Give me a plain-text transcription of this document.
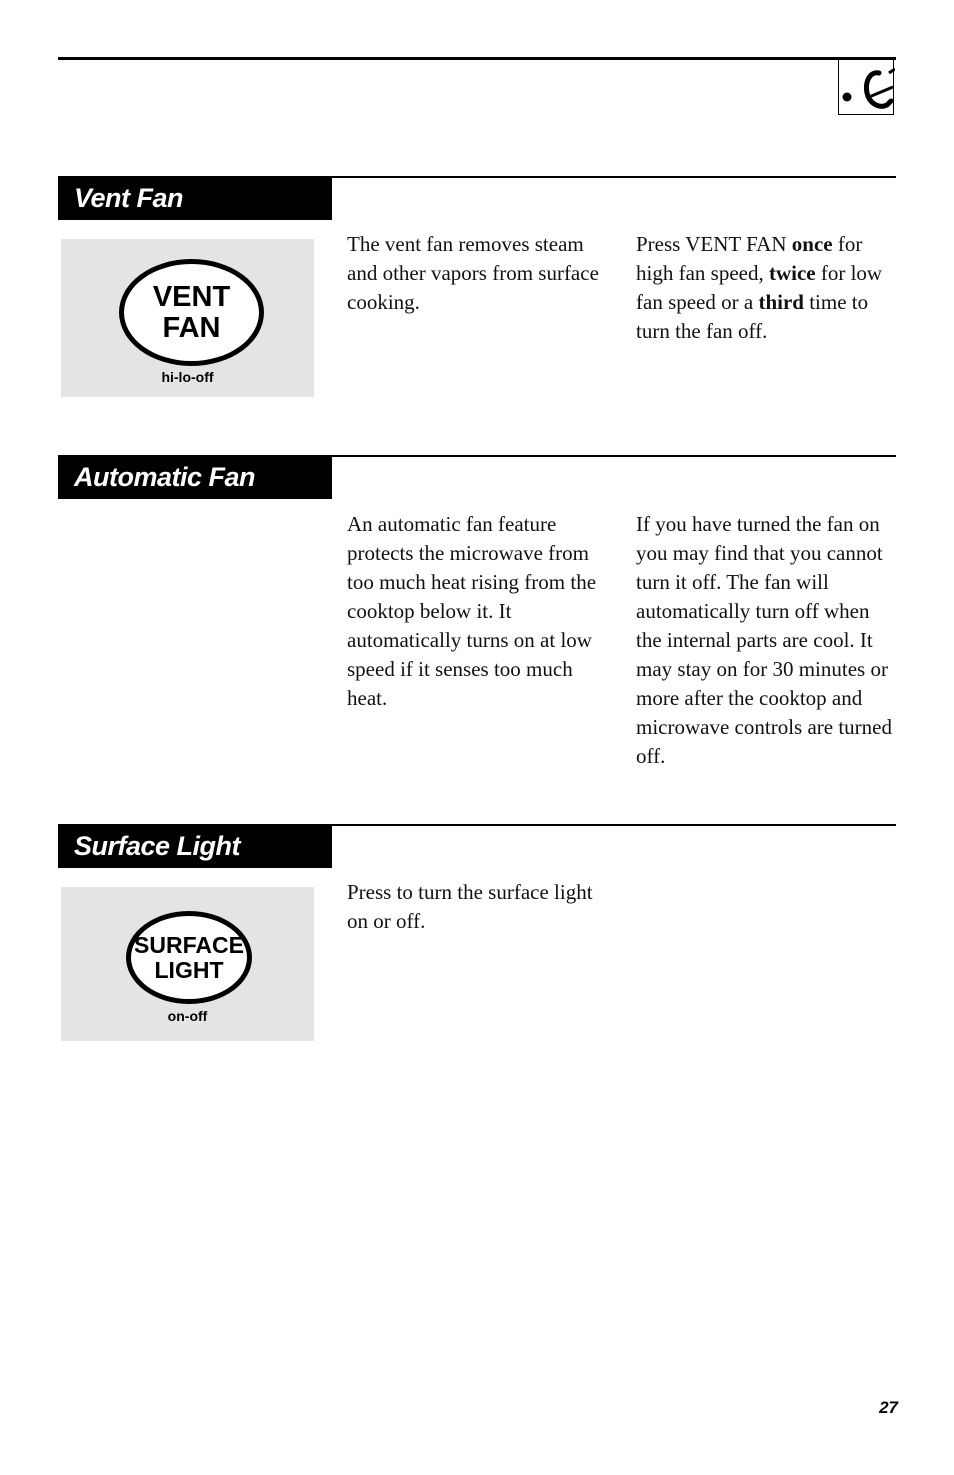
Vent Fan
VENT
FAN
hi-lo-off
The vent fan removes steam and other vapors from surface cooking.
Press VENT FAN once for high fan speed, twice for low fan speed or a third time to turn the fan off.
Automatic Fan
An automatic fan feature protects the microwave from too much heat rising from the cooktop below it. It automatically turns on at low speed if it senses too much heat.
If you have turned the fan on you may find that you cannot turn it off. The fan will automatically turn off when the internal parts are cool. It may stay on for 30 minutes or more after the cooktop and microwave controls are turned off.
Surface Light
SURFACE
LIGHT
on-off
Press to turn the surface light on or off.
27
